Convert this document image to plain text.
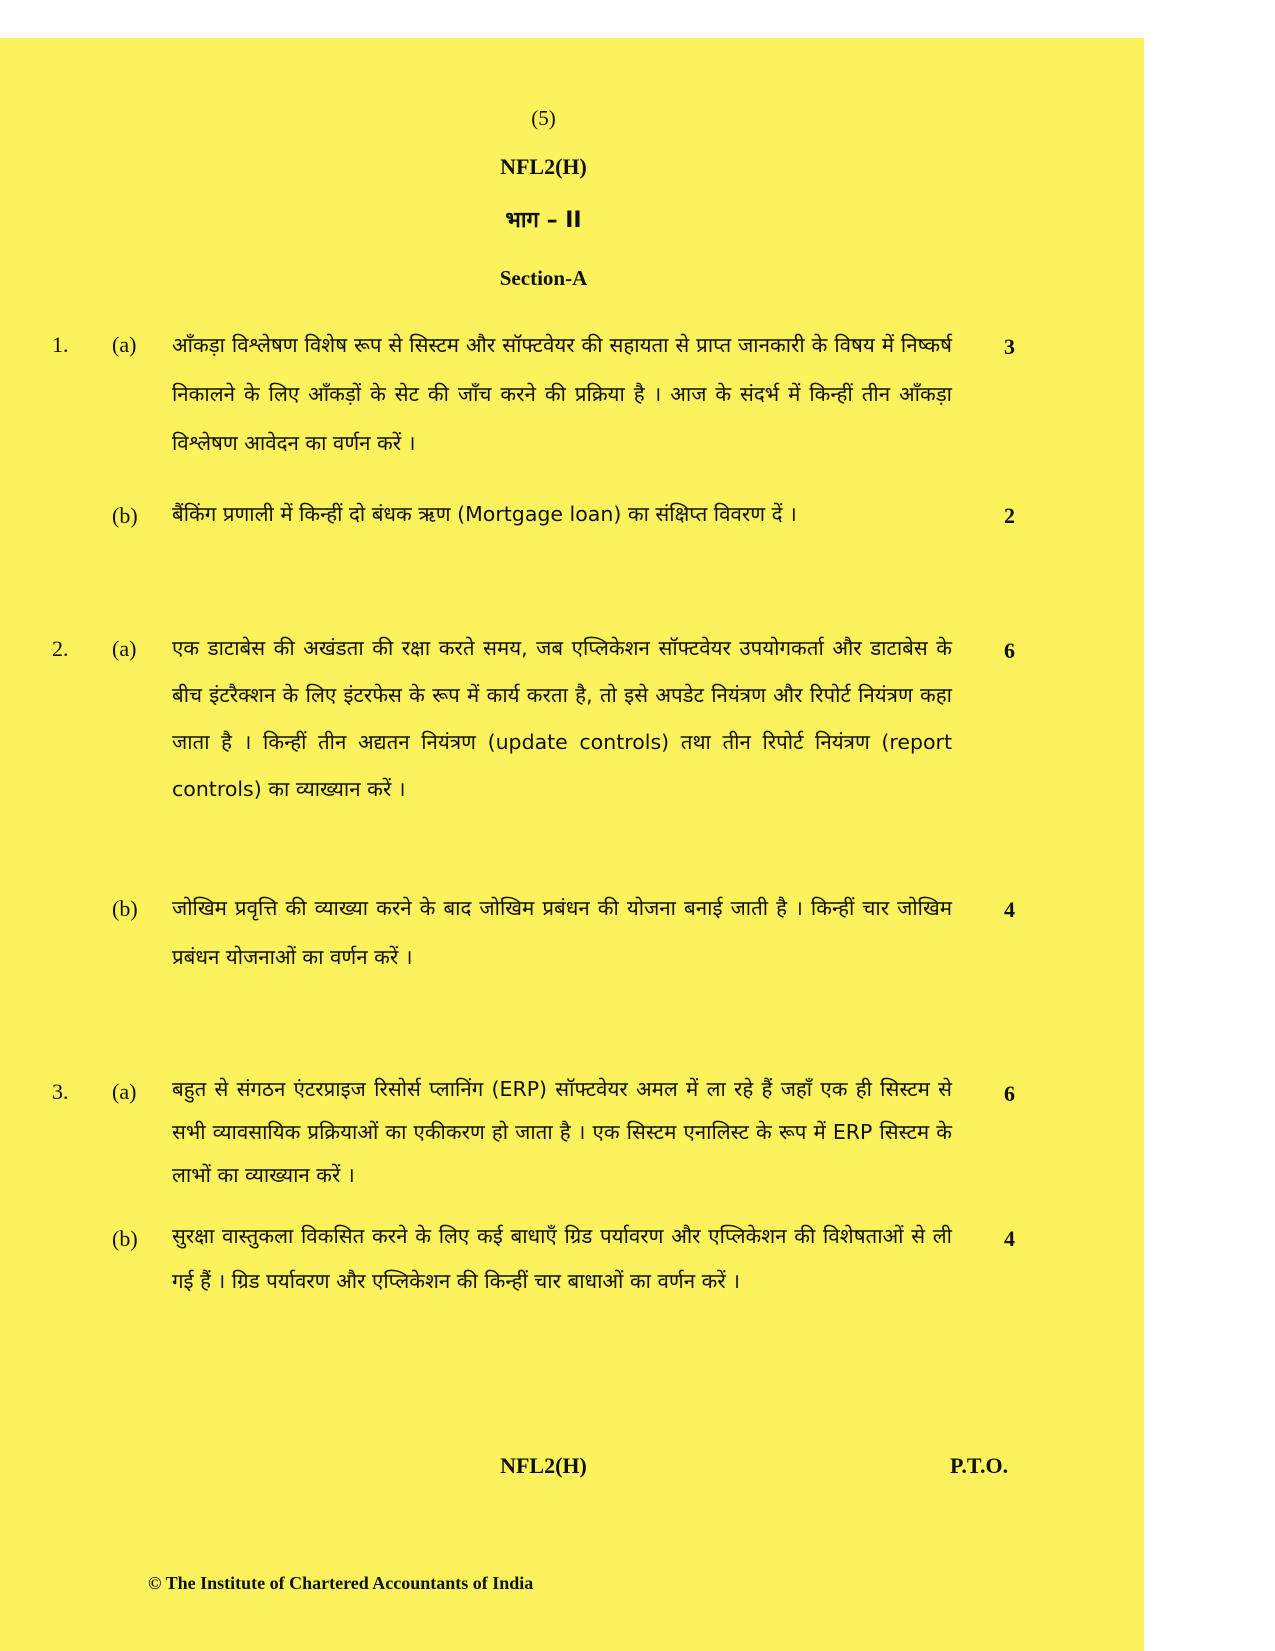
(5)
NFL2(H)
भाग – II
Section-A
1. (a) आँकड़ा विश्लेषण विशेष रूप से सिस्टम और सॉफ्टवेयर की सहायता से प्राप्त जानकारी के विषय में निष्कर्ष निकालने के लिए आँकड़ों के सेट की जाँच करने की प्रक्रिया है । आज के संदर्भ में किन्हीं तीन आँकड़ा विश्लेषण आवेदन का वर्णन करें ।
3
(b) बैंकिंग प्रणाली में किन्हीं दो बंधक ऋण (Mortgage loan) का संक्षिप्त विवरण दें ।	2
2. (a) एक डाटाबेस की अखंडता की रक्षा करते समय, जब एप्लिकेशन सॉफ्टवेयर उपयोगकर्ता और डाटाबेस के बीच इंटरैक्शन के लिए इंटरफेस के रूप में कार्य करता है, तो इसे अपडेट नियंत्रण और रिपोर्ट नियंत्रण कहा जाता है । किन्हीं तीन अद्यतन नियंत्रण (update controls) तथा तीन रिपोर्ट नियंत्रण (report controls) का व्याख्यान करें ।
6
(b) जोखिम प्रवृत्ति की व्याख्या करने के बाद जोखिम प्रबंधन की योजना बनाई जाती है । किन्हीं चार जोखिम प्रबंधन योजनाओं का वर्णन करें ।
4
3. (a) बहुत से संगठन एंटरप्राइज रिसोर्स प्लानिंग (ERP) सॉफ्टवेयर अमल में ला रहे हैं जहाँ एक ही सिस्टम से सभी व्यावसायिक प्रक्रियाओं का एकीकरण हो जाता है । एक सिस्टम एनालिस्ट के रूप में ERP सिस्टम के लाभों का व्याख्यान करें ।
6
(b) सुरक्षा वास्तुकला विकसित करने के लिए कई बाधाएँ ग्रिड पर्यावरण और एप्लिकेशन की विशेषताओं से ली गई हैं । ग्रिड पर्यावरण और एप्लिकेशन की किन्हीं चार बाधाओं का वर्णन करें ।
4
NFL2(H)	P.T.O.
© The Institute of Chartered Accountants of India
